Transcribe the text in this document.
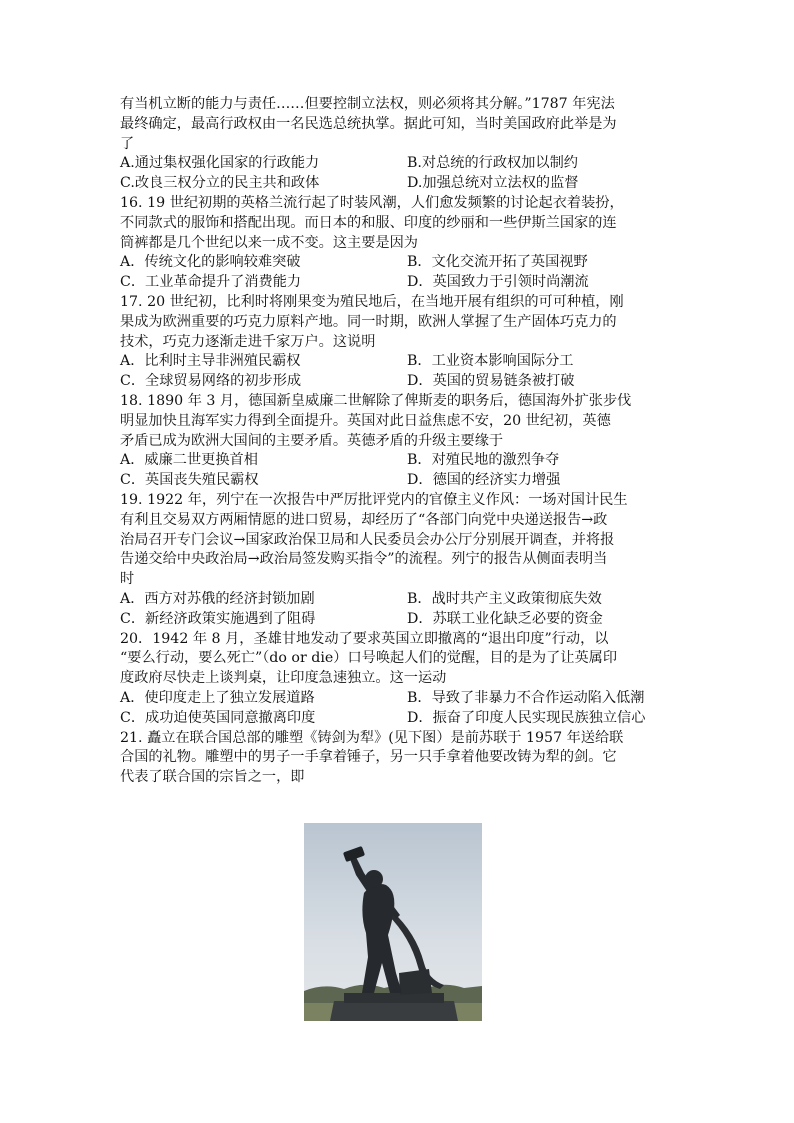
有当机立断的能力与责任……但要控制立法权，则必须将其分解。”1787 年宪法

最终确定，最高行政权由一名民选总统执掌。据此可知，当时美国政府此举是为

了

A.通过集权强化国家的行政能力	B.对总统的行政权加以制约
C.改良三权分立的民主共和政体	D.加强总统对立法权的监督

16. 19 世纪初期的英格兰流行起了时装风潮，人们愈发频繁的讨论起衣着装扮，

不同款式的服饰和搭配出现。而日本的和服、印度的纱丽和一些伊斯兰国家的连

筒裤都是几个世纪以来一成不变。这主要是因为

A．传统文化的影响较难突破	B．文化交流开拓了英国视野
C．工业革命提升了消费能力	D．英国致力于引领时尚潮流

17. 20 世纪初，比利时将刚果变为殖民地后，在当地开展有组织的可可种植，刚

果成为欧洲重要的巧克力原料产地。同一时期，欧洲人掌握了生产固体巧克力的

技术，巧克力逐渐走进千家万户。这说明

A．比利时主导非洲殖民霸权	B．工业资本影响国际分工
C．全球贸易网络的初步形成	D．英国的贸易链条被打破

18. 1890 年 3 月，德国新皇威廉二世解除了俾斯麦的职务后，德国海外扩张步伐

明显加快且海军实力得到全面提升。英国对此日益焦虑不安，20 世纪初，英德

矛盾已成为欧洲大国间的主要矛盾。英德矛盾的升级主要缘于

A．威廉二世更换首相	B．对殖民地的激烈争夺
C．英国丧失殖民霸权	D．德国的经济实力增强

19. 1922 年，列宁在一次报告中严厉批评党内的官僚主义作风：一场对国计民生

有利且交易双方两厢情愿的进口贸易，却经历了“各部门向党中央递送报告→政

治局召开专门会议→国家政治保卫局和人民委员会办公厅分别展开调查，并将报

告递交给中央政治局→政治局签发购买指令”的流程。列宁的报告从侧面表明当

时

A．西方对苏俄的经济封锁加剧	B．战时共产主义政策彻底失效
C．新经济政策实施遇到了阻碍	D．苏联工业化缺乏必要的资金

20．1942 年 8 月，圣雄甘地发动了要求英国立即撤离的“退出印度”行动，以

“要么行动，要么死亡”（do or die）口号唤起人们的觉醒，目的是为了让英属印

度政府尽快走上谈判桌，让印度急速独立。这一运动

A．使印度走上了独立发展道路	B．导致了非暴力不合作运动陷入低潮
C．成功迫使英国同意撤离印度	D．振奋了印度人民实现民族独立信心

21. 矗立在联合国总部的雕塑《铸剑为犁》(见下图）是前苏联于 1957 年送给联

合国的礼物。雕塑中的男子一手拿着锤子，另一只手拿着他要改铸为犁的剑。它

代表了联合国的宗旨之一，即
